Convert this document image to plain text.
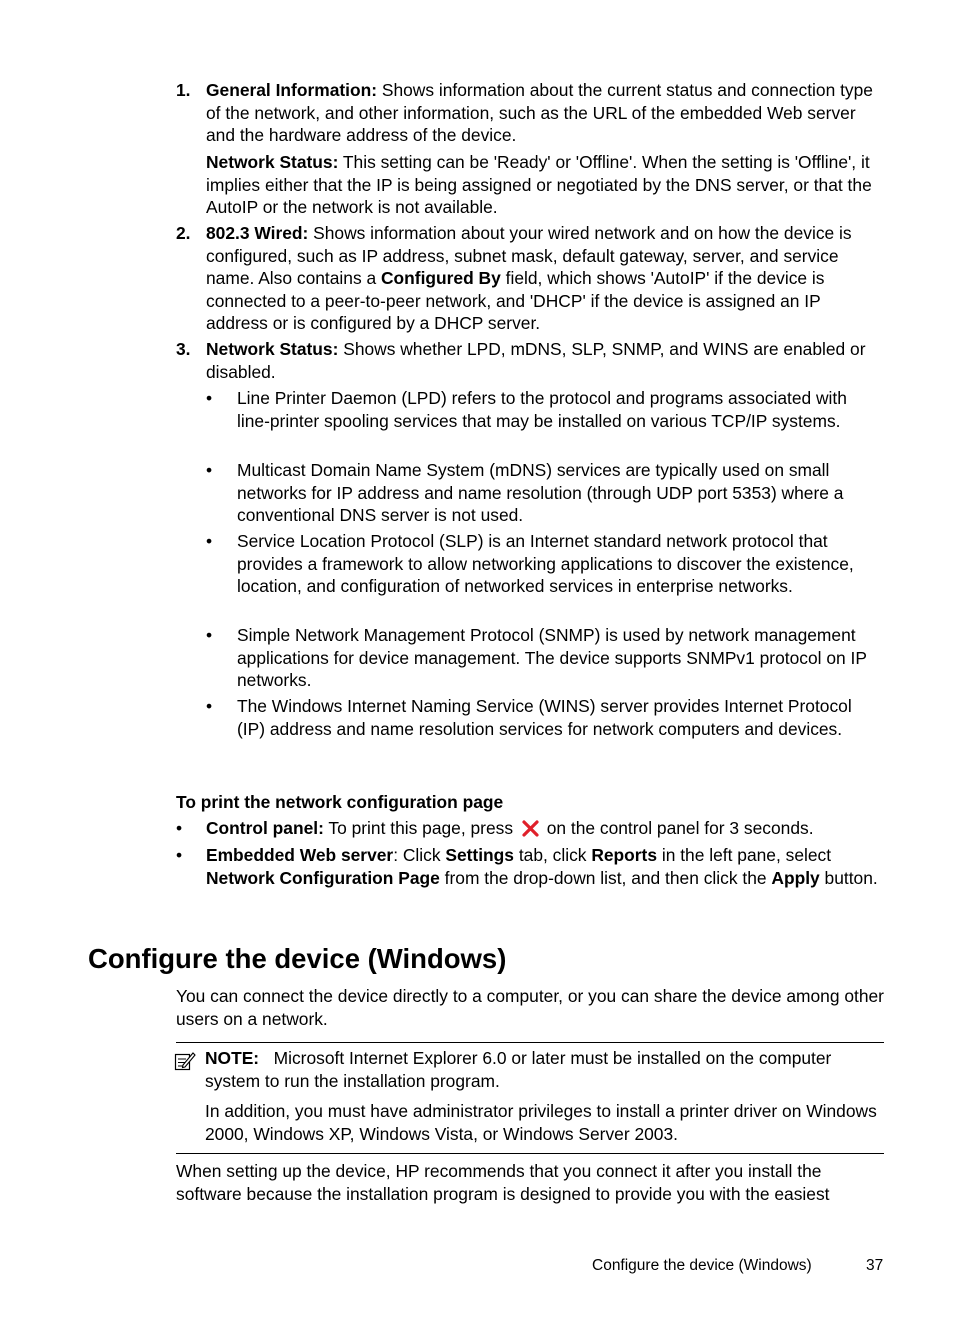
1. General Information: Shows information about the current status and connection type of the network, and other information, such as the URL of the embedded Web server and the hardware address of the device.

Network Status: This setting can be 'Ready' or 'Offline'. When the setting is 'Offline', it implies either that the IP is being assigned or negotiated by the DNS server, or that the AutoIP or the network is not available.

2. 802.3 Wired: Shows information about your wired network and on how the device is configured, such as IP address, subnet mask, default gateway, server, and service name. Also contains a Configured By field, which shows 'AutoIP' if the device is connected to a peer-to-peer network, and 'DHCP' if the device is assigned an IP address or is configured by a DHCP server.

3. Network Status: Shows whether LPD, mDNS, SLP, SNMP, and WINS are enabled or disabled.

• Line Printer Daemon (LPD) refers to the protocol and programs associated with line-printer spooling services that may be installed on various TCP/IP systems.

• Multicast Domain Name System (mDNS) services are typically used on small networks for IP address and name resolution (through UDP port 5353) where a conventional DNS server is not used.

• Service Location Protocol (SLP) is an Internet standard network protocol that provides a framework to allow networking applications to discover the existence, location, and configuration of networked services in enterprise networks.

• Simple Network Management Protocol (SNMP) is used by network management applications for device management. The device supports SNMPv1 protocol on IP networks.

• The Windows Internet Naming Service (WINS) server provides Internet Protocol (IP) address and name resolution services for network computers and devices.

To print the network configuration page

• Control panel: To print this page, press  on the control panel for 3 seconds.

• Embedded Web server: Click Settings tab, click Reports in the left pane, select Network Configuration Page from the drop-down list, and then click the Apply button.

Configure the device (Windows)

You can connect the device directly to a computer, or you can share the device among other users on a network.

NOTE: Microsoft Internet Explorer 6.0 or later must be installed on the computer system to run the installation program.

In addition, you must have administrator privileges to install a printer driver on Windows 2000, Windows XP, Windows Vista, or Windows Server 2003.

When setting up the device, HP recommends that you connect it after you install the software because the installation program is designed to provide you with the easiest

Configure the device (Windows)	37
